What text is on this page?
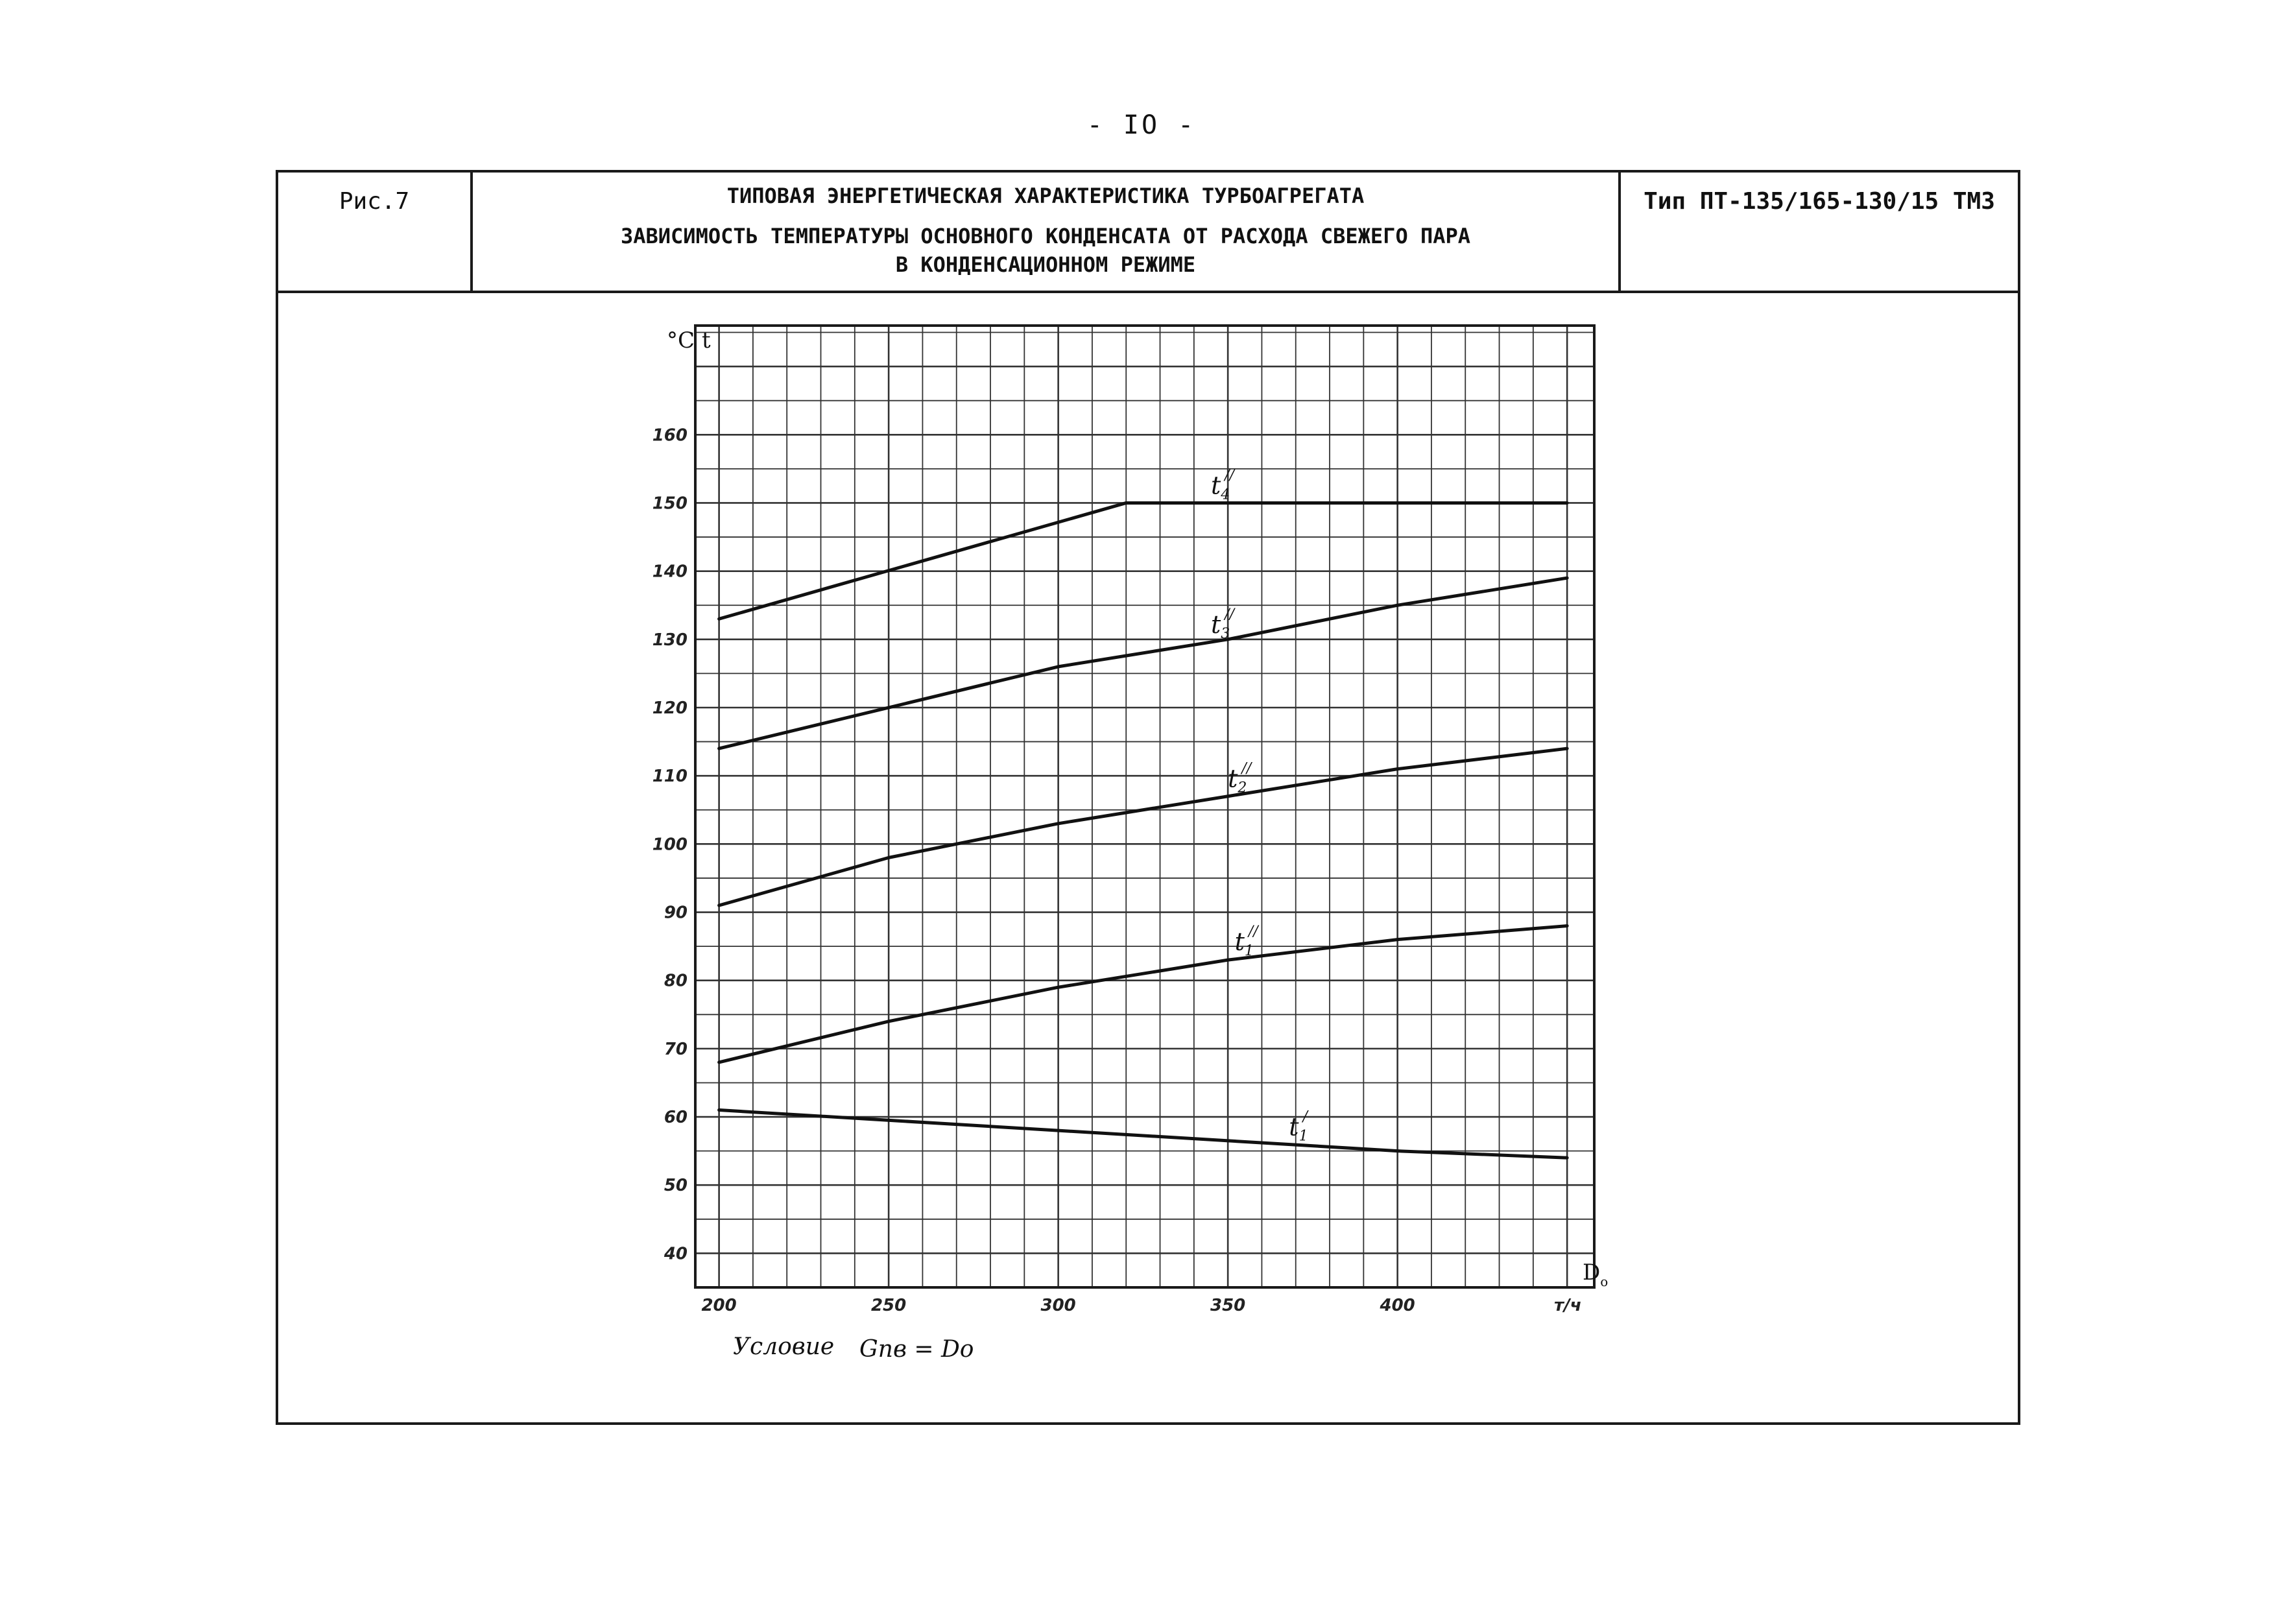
- IO -
Рис.7	ТИПОВАЯ ЭНЕРГЕТИЧЕСКАЯ ХАРАКТЕРИСТИКА ТУРБОАГРЕГАТА
ЗАВИСИМОСТЬ ТЕМПЕРАТУРЫ ОСНОВНОГО КОНДЕНСАТА ОТ РАСХОДА СВЕЖЕГО ПАРА
В КОНДЕНСАЦИОННОМ РЕЖИМЕ
Тип ПТ-135/165-130/15 ТМЗ
200	250	300	350	400
40
50
60
70
80
90
100
110
120
130
140
150
160
$t_4//$
$t_3//$
$t_2//$
$t_1//$
$t_1/$
°C t
$D_o$
т/ч
Условие Gпв = Dо
